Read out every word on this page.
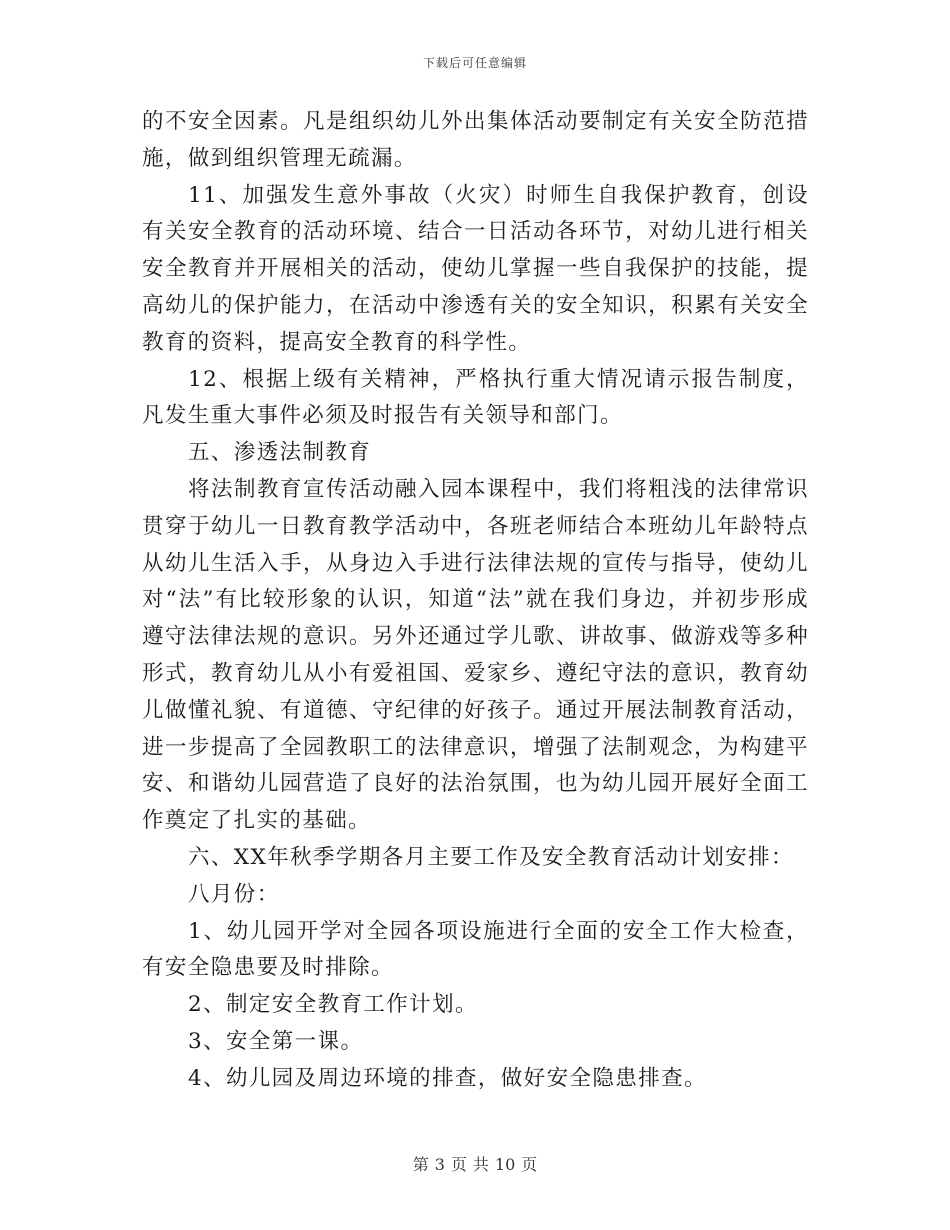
下载后可任意编辑

的不安全因素。凡是组织幼儿外出集体活动要制定有关安全防范措施，做到组织管理无疏漏。

11、加强发生意外事故（火灾）时师生自我保护教育，创设有关安全教育的活动环境、结合一日活动各环节，对幼儿进行相关安全教育并开展相关的活动，使幼儿掌握一些自我保护的技能，提高幼儿的保护能力，在活动中渗透有关的安全知识，积累有关安全教育的资料，提高安全教育的科学性。

12、根据上级有关精神，严格执行重大情况请示报告制度，凡发生重大事件必须及时报告有关领导和部门。

五、渗透法制教育

将法制教育宣传活动融入园本课程中，我们将粗浅的法律常识贯穿于幼儿一日教育教学活动中，各班老师结合本班幼儿年龄特点从幼儿生活入手，从身边入手进行法律法规的宣传与指导，使幼儿对“法”有比较形象的认识，知道“法”就在我们身边，并初步形成遵守法律法规的意识。另外还通过学儿歌、讲故事、做游戏等多种形式，教育幼儿从小有爱祖国、爱家乡、遵纪守法的意识，教育幼儿做懂礼貌、有道德、守纪律的好孩子。通过开展法制教育活动，进一步提高了全园教职工的法律意识，增强了法制观念，为构建平安、和谐幼儿园营造了良好的法治氛围，也为幼儿园开展好全面工作奠定了扎实的基础。

六、XX年秋季学期各月主要工作及安全教育活动计划安排：

八月份：

1、幼儿园开学对全园各项设施进行全面的安全工作大检查，有安全隐患要及时排除。

2、制定安全教育工作计划。

3、安全第一课。

4、幼儿园及周边环境的排查，做好安全隐患排查。

第 3 页 共 10 页
